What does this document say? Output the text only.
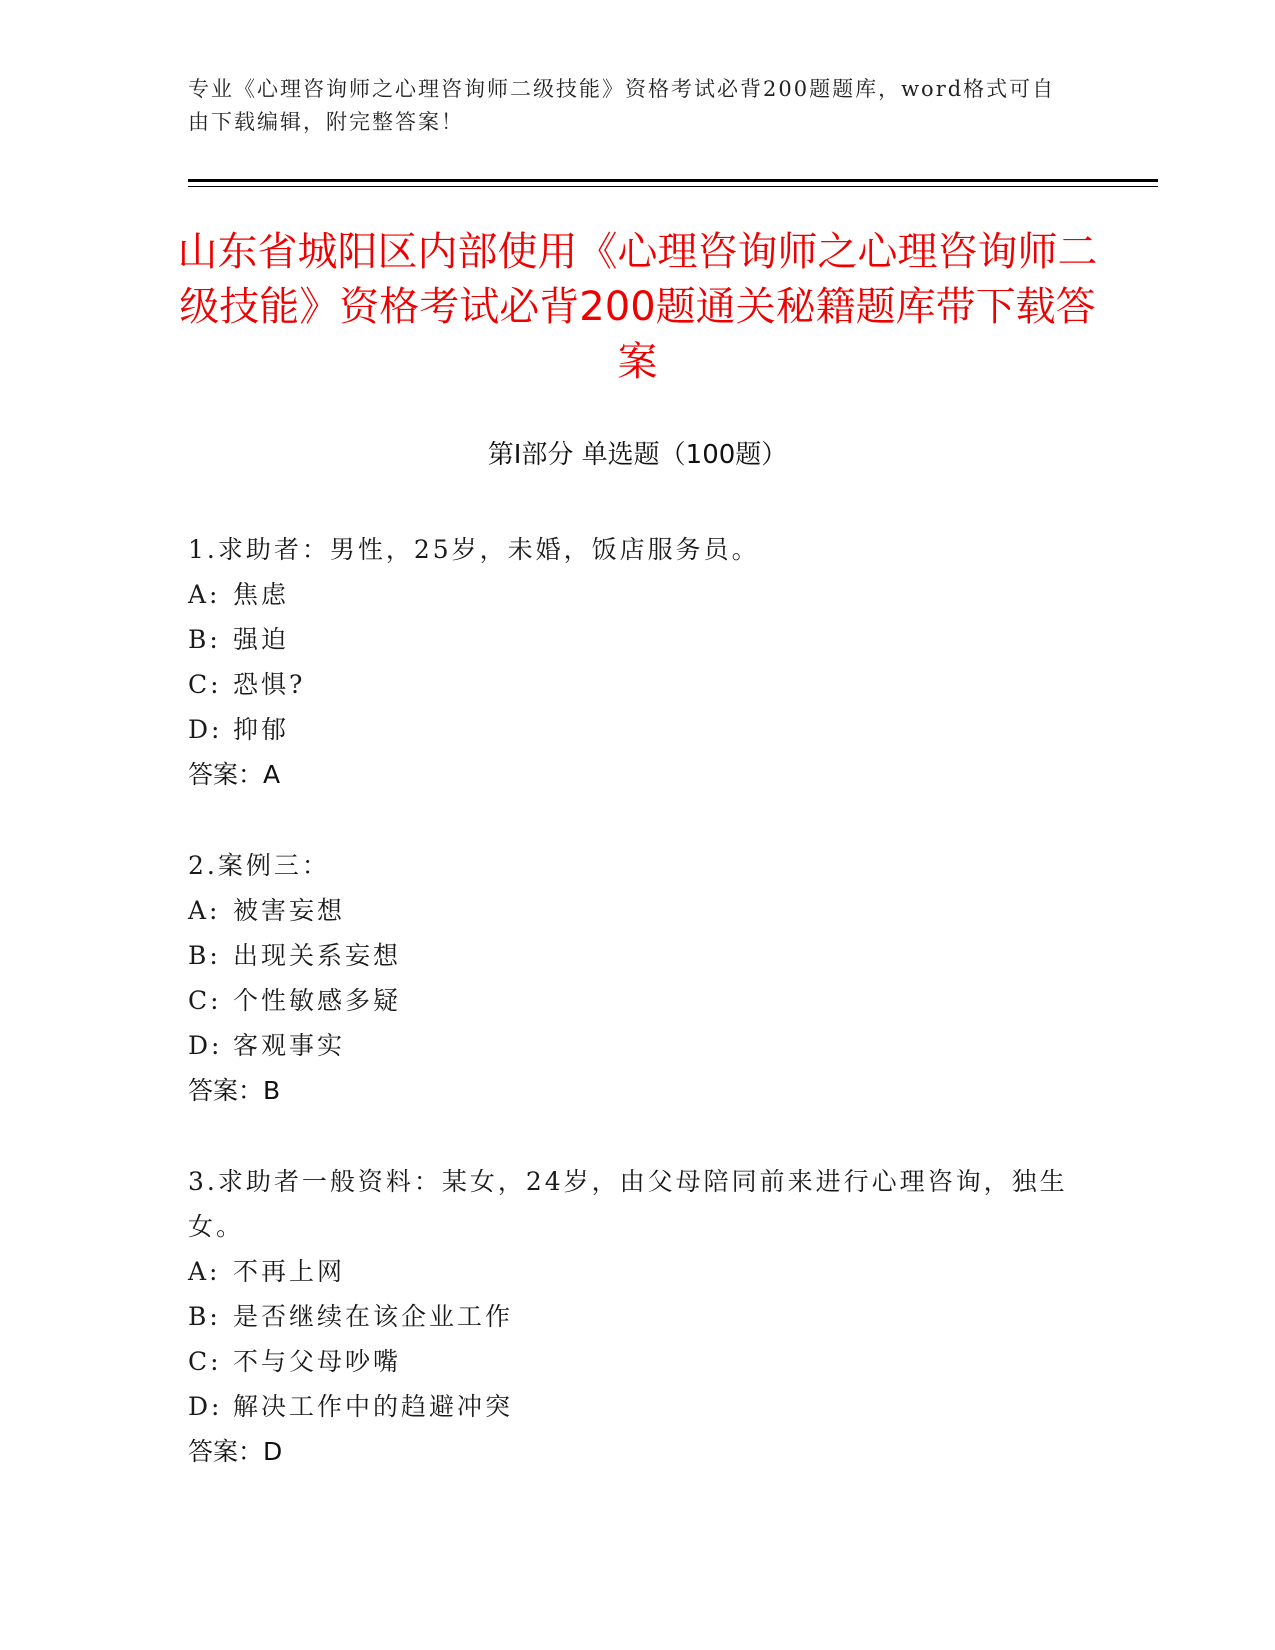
专业《心理咨询师之心理咨询师二级技能》资格考试必背200题题库，word格式可自由下载编辑，附完整答案！
山东省城阳区内部使用《心理咨询师之心理咨询师二级技能》资格考试必背200题通关秘籍题库带下载答案
第Ⅰ部分 单选题（100题）
1.求助者：男性，25岁，未婚，饭店服务员。
A: 焦虑
B: 强迫
C: 恐惧?
D: 抑郁
答案：A
2.案例三：
A: 被害妄想
B: 出现关系妄想
C: 个性敏感多疑
D: 客观事实
答案：B
3.求助者一般资料：某女，24岁，由父母陪同前来进行心理咨询，独生女。
A: 不再上网
B: 是否继续在该企业工作
C: 不与父母吵嘴
D: 解决工作中的趋避冲突
答案：D
